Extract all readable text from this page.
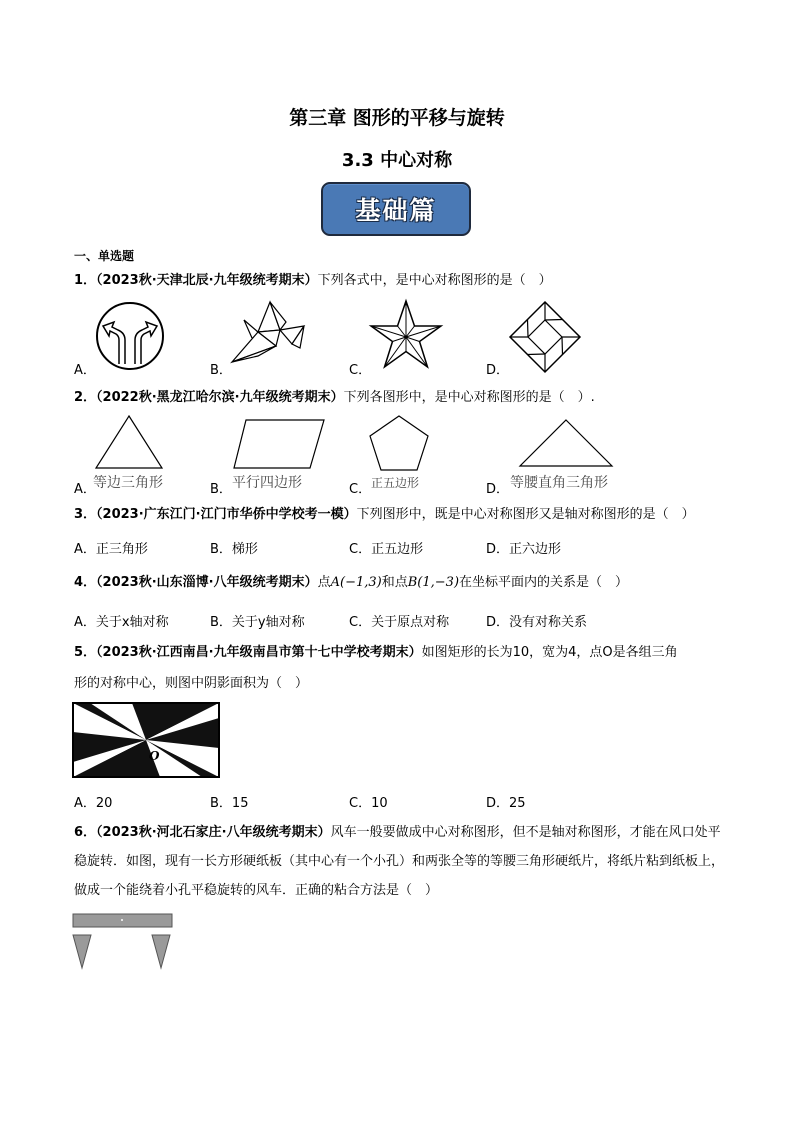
第三章 图形的平移与旋转
3.3 中心对称
基础篇
一、单选题
1．（2023秋·天津北辰·九年级统考期末）下列各式中，是中心对称图形的是（　）
A．	B．	C．	D．
2．（2022秋·黑龙江哈尔滨·九年级统考期末）下列各图形中，是中心对称图形的是（　）.
A．
等边三角形	B． 平行四边形	C． 正五边形	D． 等腰直角三角形
3．（2023·广东江门·江门市华侨中学校考一模）下列图形中，既是中心对称图形又是轴对称图形的是（　）
A．正三角形	B．梯形	C．正五边形	D．正六边形
4．（2023秋·山东淄博·八年级统考期末）点A(−1,3)和点B(1,−3)在坐标平面内的关系是（　）
A．关于x轴对称	B．关于y轴对称	C．关于原点对称	D．没有对称关系
5．（2023秋·江西南昌·九年级南昌市第十七中学校考期末）如图矩形的长为10，宽为4，点O是各组三角
形的对称中心，则图中阴影面积为（　）
O
A．20	B．15	C．10	D．25
6．（2023秋·河北石家庄·八年级统考期末）风车一般要做成中心对称图形，但不是轴对称图形，才能在风口处平稳旋转．如图，现有一长方形硬纸板（其中心有一个小孔）和两张全等的等腰三角形硬纸片，将纸片粘到纸板上，做成一个能绕着小孔平稳旋转的风车．正确的粘合方法是（　）
